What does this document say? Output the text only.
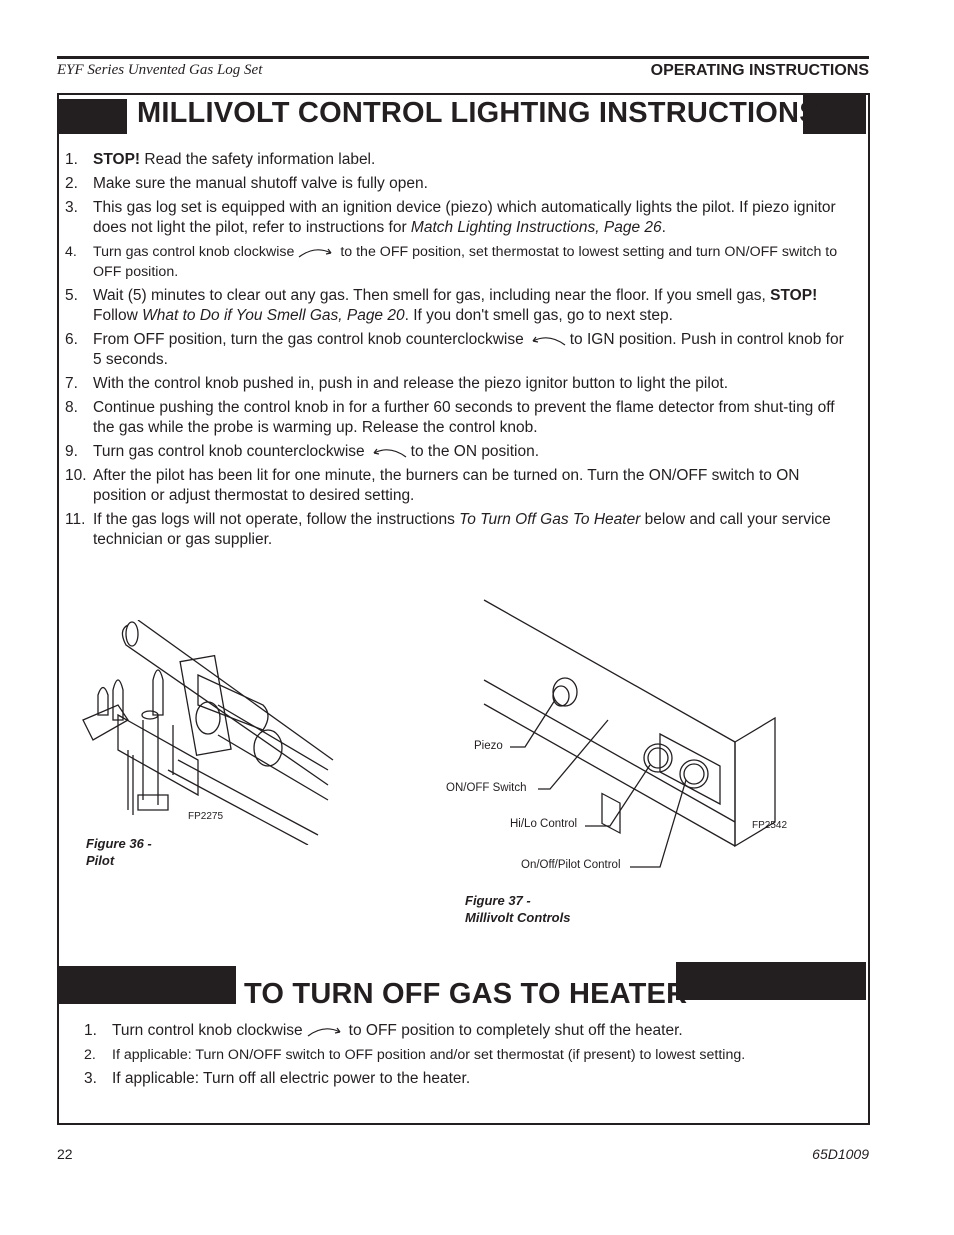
EYF Series Unvented Gas Log Set	OPERATING INSTRUCTIONS
MILLIVOLT CONTROL LIGHTING INSTRUCTIONS
1. STOP! Read the safety information label.
2. Make sure the manual shutoff valve is fully open.
3. This gas log set is equipped with an ignition device (piezo) which automatically lights the pilot. If piezo ignitor does not light the pilot, refer to instructions for Match Lighting Instructions, Page 26.
4. Turn gas control knob clockwise	to the OFF position, set thermostat to lowest setting and turn ON/OFF switch to OFF position.
5. Wait (5) minutes to clear out any gas. Then smell for gas, including near the floor. If you smell gas, STOP! Follow What to Do if You Smell Gas, Page 20. If you don't smell gas, go to next step.
6. From OFF position, turn the gas control knob counterclockwise	to IGN position. Push in control knob for 5 seconds.
7. With the control knob pushed in, push in and release the piezo ignitor button to light the pilot.
8. Continue pushing the control knob in for a further 60 seconds to prevent the flame detector from shut-ting off the gas while the probe is warming up. Release the control knob.
9. Turn gas control knob counterclockwise	to the ON position.
10. After the pilot has been lit for one minute, the burners can be turned on. Turn the ON/OFF switch to ON position or adjust thermostat to desired setting.
11. If the gas logs will not operate, follow the instructions To Turn Off Gas To Heater below and call your service technician or gas supplier.
FP2275
Figure 36 -
Pilot
Piezo
ON/OFF Switch
Hi/Lo Control
On/Off/Pilot Control
FP2542
Figure 37 -
Millivolt Controls
TO TURN OFF GAS TO HEATER
1. Turn control knob clockwise	to OFF position to completely shut off the heater.
2. If applicable: Turn ON/OFF switch to OFF position and/or set thermostat (if present) to lowest setting.
3. If applicable: Turn off all electric power to the heater.
22	65D1009
